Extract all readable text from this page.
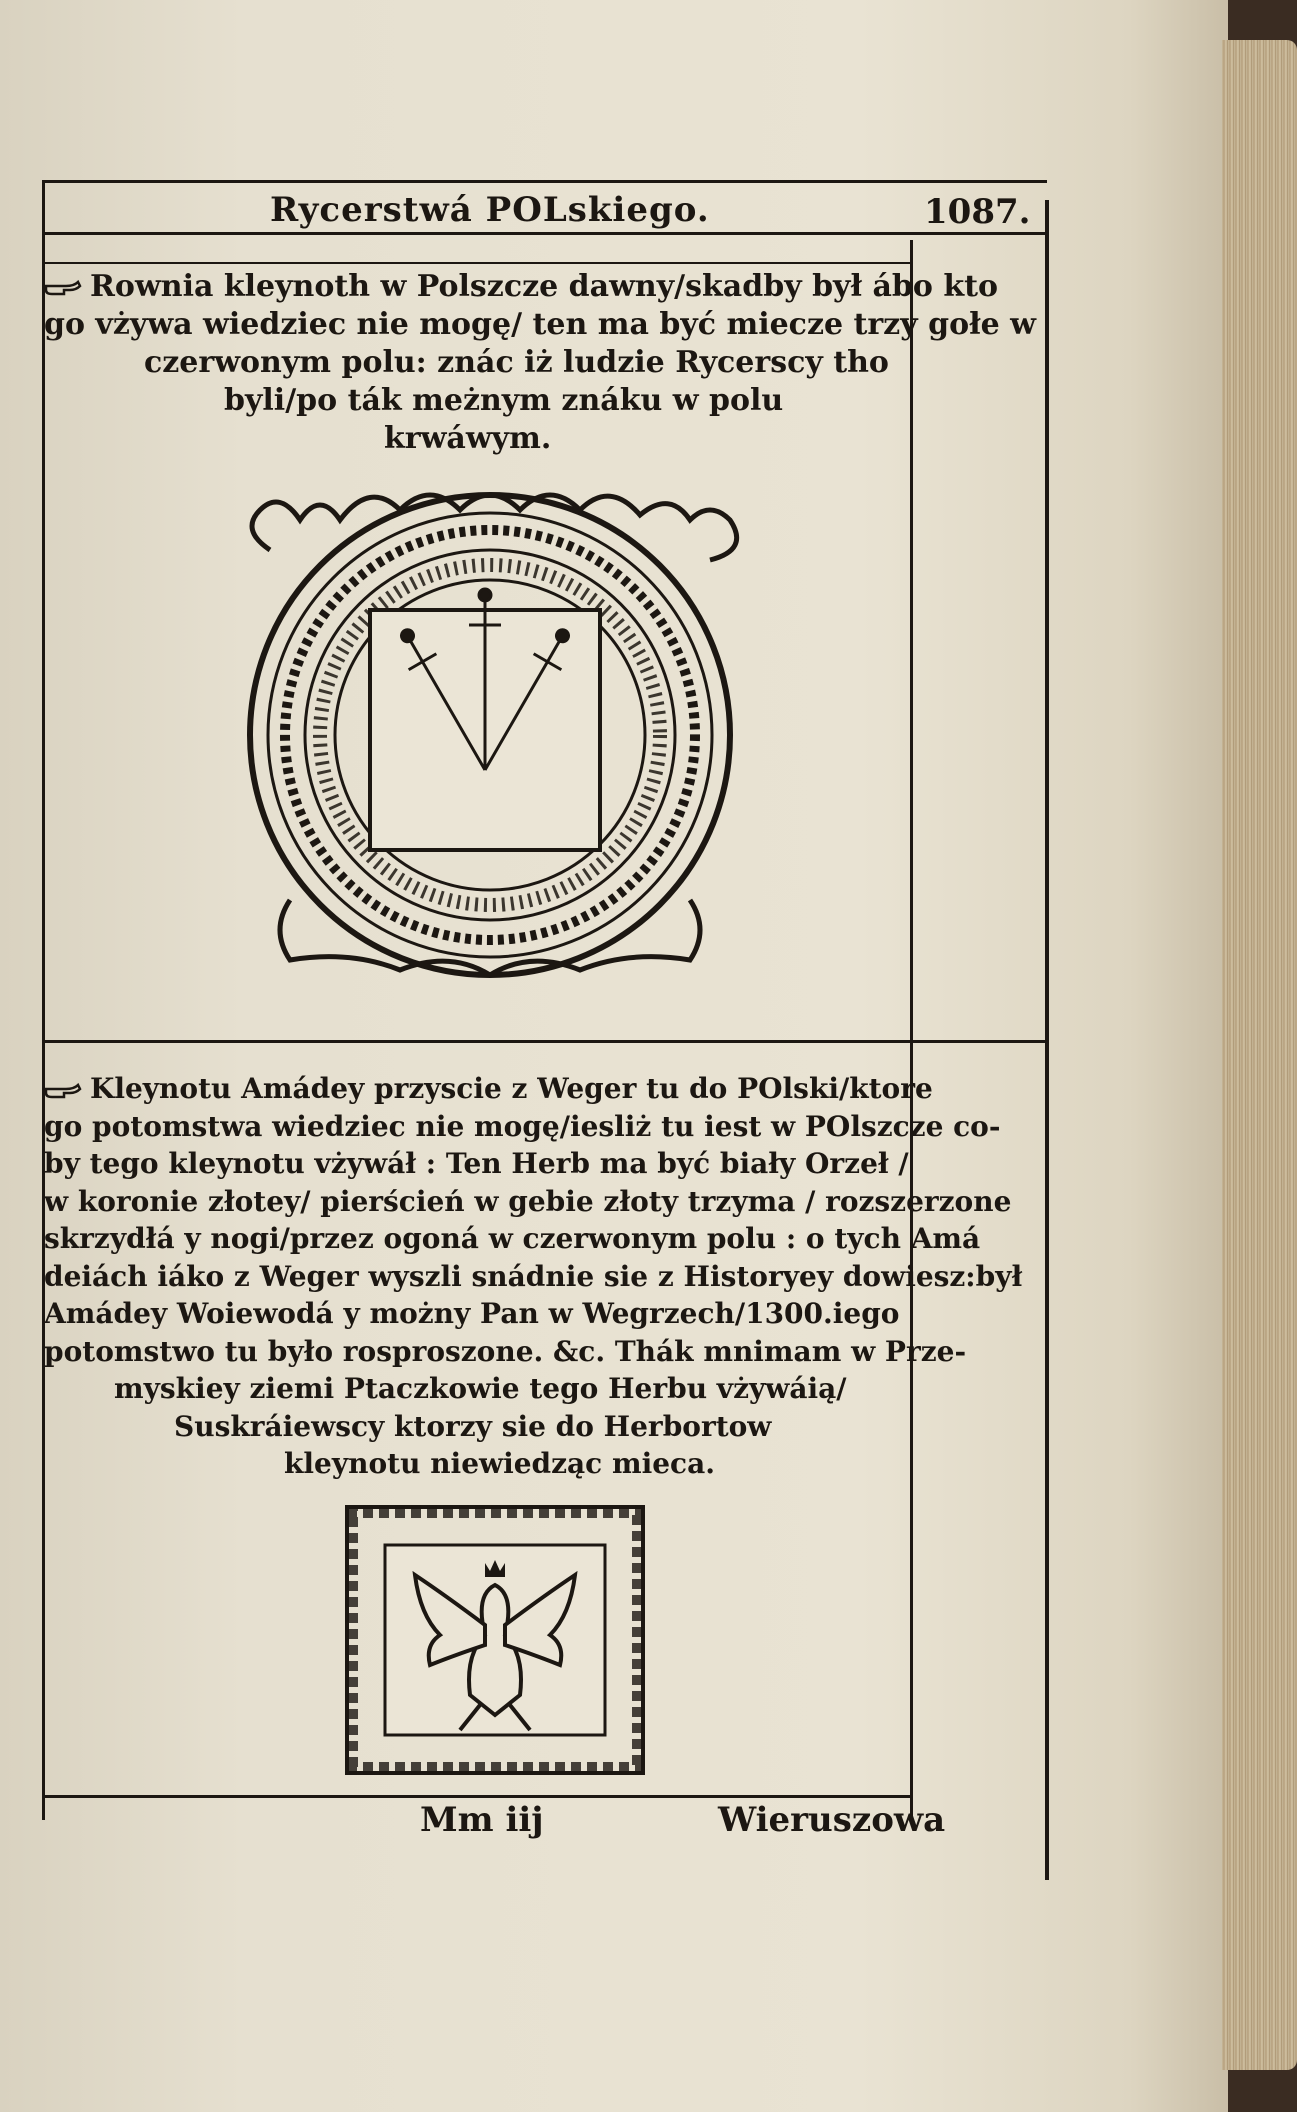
Rycerstwá POLskiego.	1087.
Rownia kleynoth w Polszcze dawny/skadby był ábo kto
go vżywa wiedziec nie mogę/ ten ma być miecze trzy gołe w
czerwonym polu: znác iż ludzie Rycerscy tho
byli/po ták meżnym znáku w polu
krwáwym.
Kleynotu Amádey przyscie z Weger tu do POlski/ktore
go potomstwa wiedziec nie mogę/iesliż tu iest w POlszcze co-
by tego kleynotu vżywáł : Ten Herb ma być biały Orzeł /
w koronie złotey/ pierścień w gebie złoty trzyma / rozszerzone
skrzydłá y nogi/przez ogoná w czerwonym polu : o tych Amá
deiách iáko z Weger wyszli snádnie sie z Historyey dowiesz:był
Amádey Woiewodá y możny Pan w Wegrzech/1300.iego
potomstwo tu było rosproszone. &c. Thák mnimam w Prze-
myskiey ziemi Ptaczkowie tego Herbu vżywáią/
Suskráiewscy ktorzy sie do Herbortow
kleynotu niewiedząc mieca.
Mm iij	Wieruszowa
